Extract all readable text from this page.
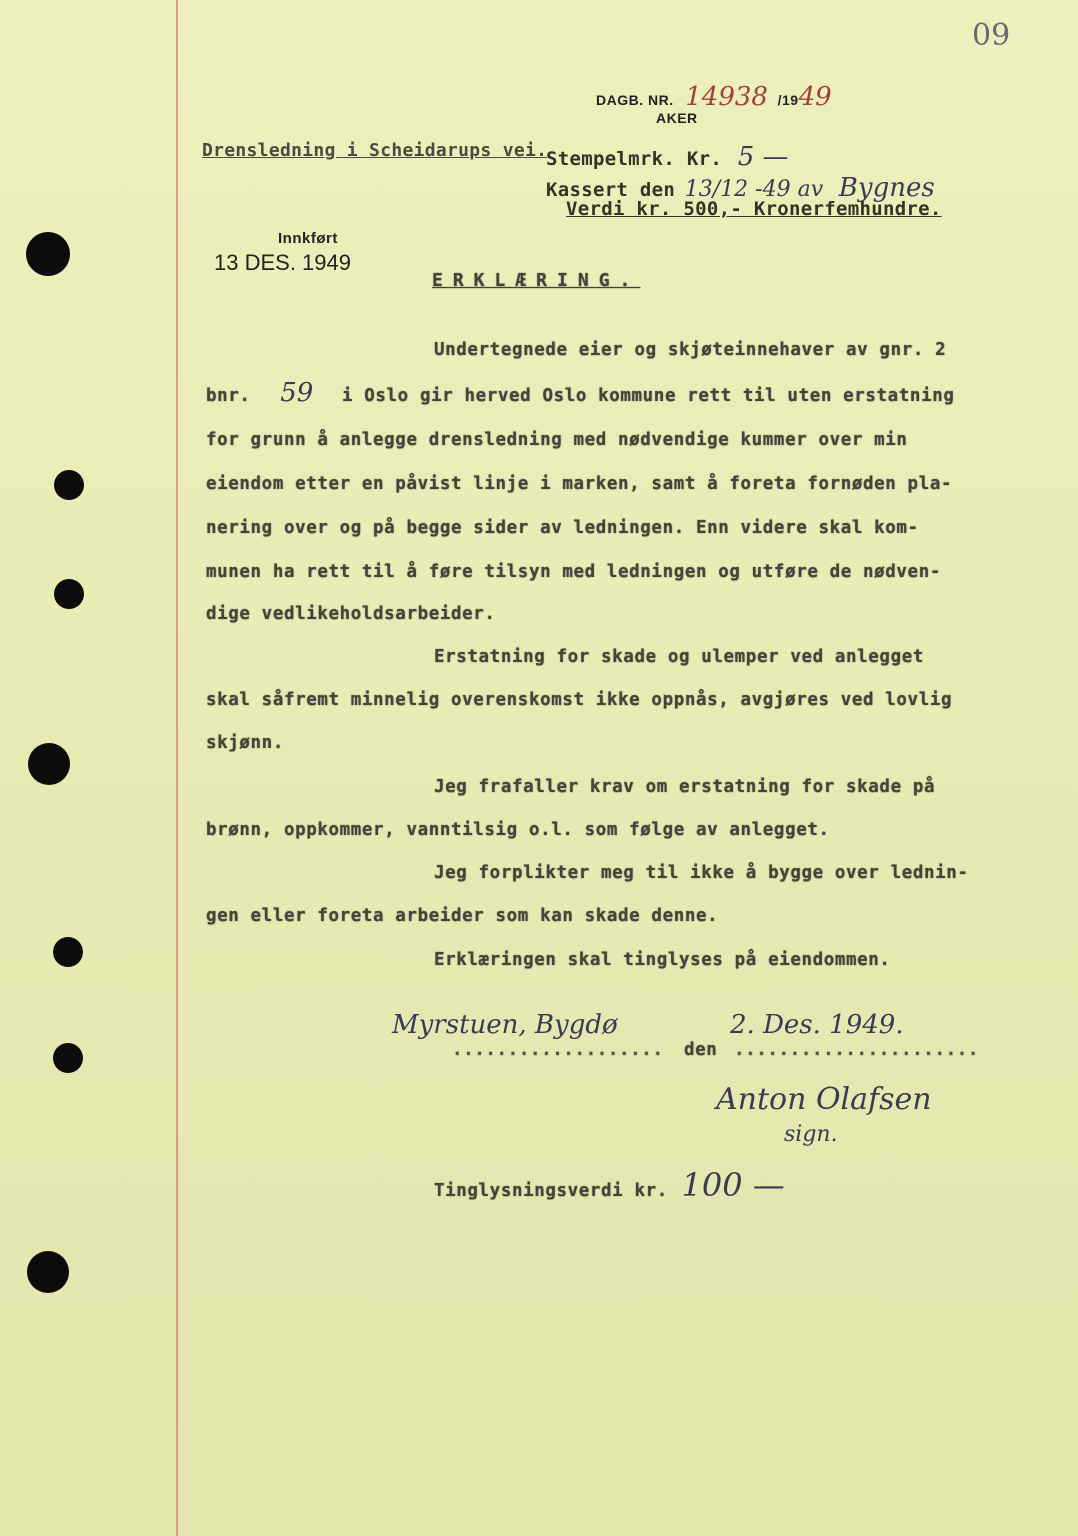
09
DAGB. NR. 14938 /1949
AKER
Drensledning i Scheidarups vei.
Stempelmrk. Kr. 5 —
Kassert den 13/12 -49 av Bygnes
Verdi kr. 500,- Kronerfemhundre.
Innkført
13 DES. 1949
ERKLÆRING.
Undertegnede eier og skjøteinnehaver av gnr. 2
bnr. 59	i Oslo gir herved Oslo kommune rett til uten erstatning
for grunn å anlegge drensledning med nødvendige kummer over min
eiendom etter en påvist linje i marken, samt å foreta fornøden pla-
nering over og på begge sider av ledningen. Enn videre skal kom-
munen ha rett til å føre tilsyn med ledningen og utføre de nødven-
dige vedlikeholdsarbeider.
Erstatning for skade og ulemper ved anlegget
skal såfremt minnelig overenskomst ikke oppnås, avgjøres ved lovlig
skjønn.
Jeg frafaller krav om erstatning for skade på
brønn, oppkommer, vanntilsig o.l. som følge av anlegget.
Jeg forplikter meg til ikke å bygge over lednin-
gen eller foreta arbeider som kan skade denne.
Erklæringen skal tinglyses på eiendommen.
Myrstuen, Bygdø
................... den
2. Des. 1949.
......................
Anton Olafsen
sign.
Tinglysningsverdi kr. 100 —
